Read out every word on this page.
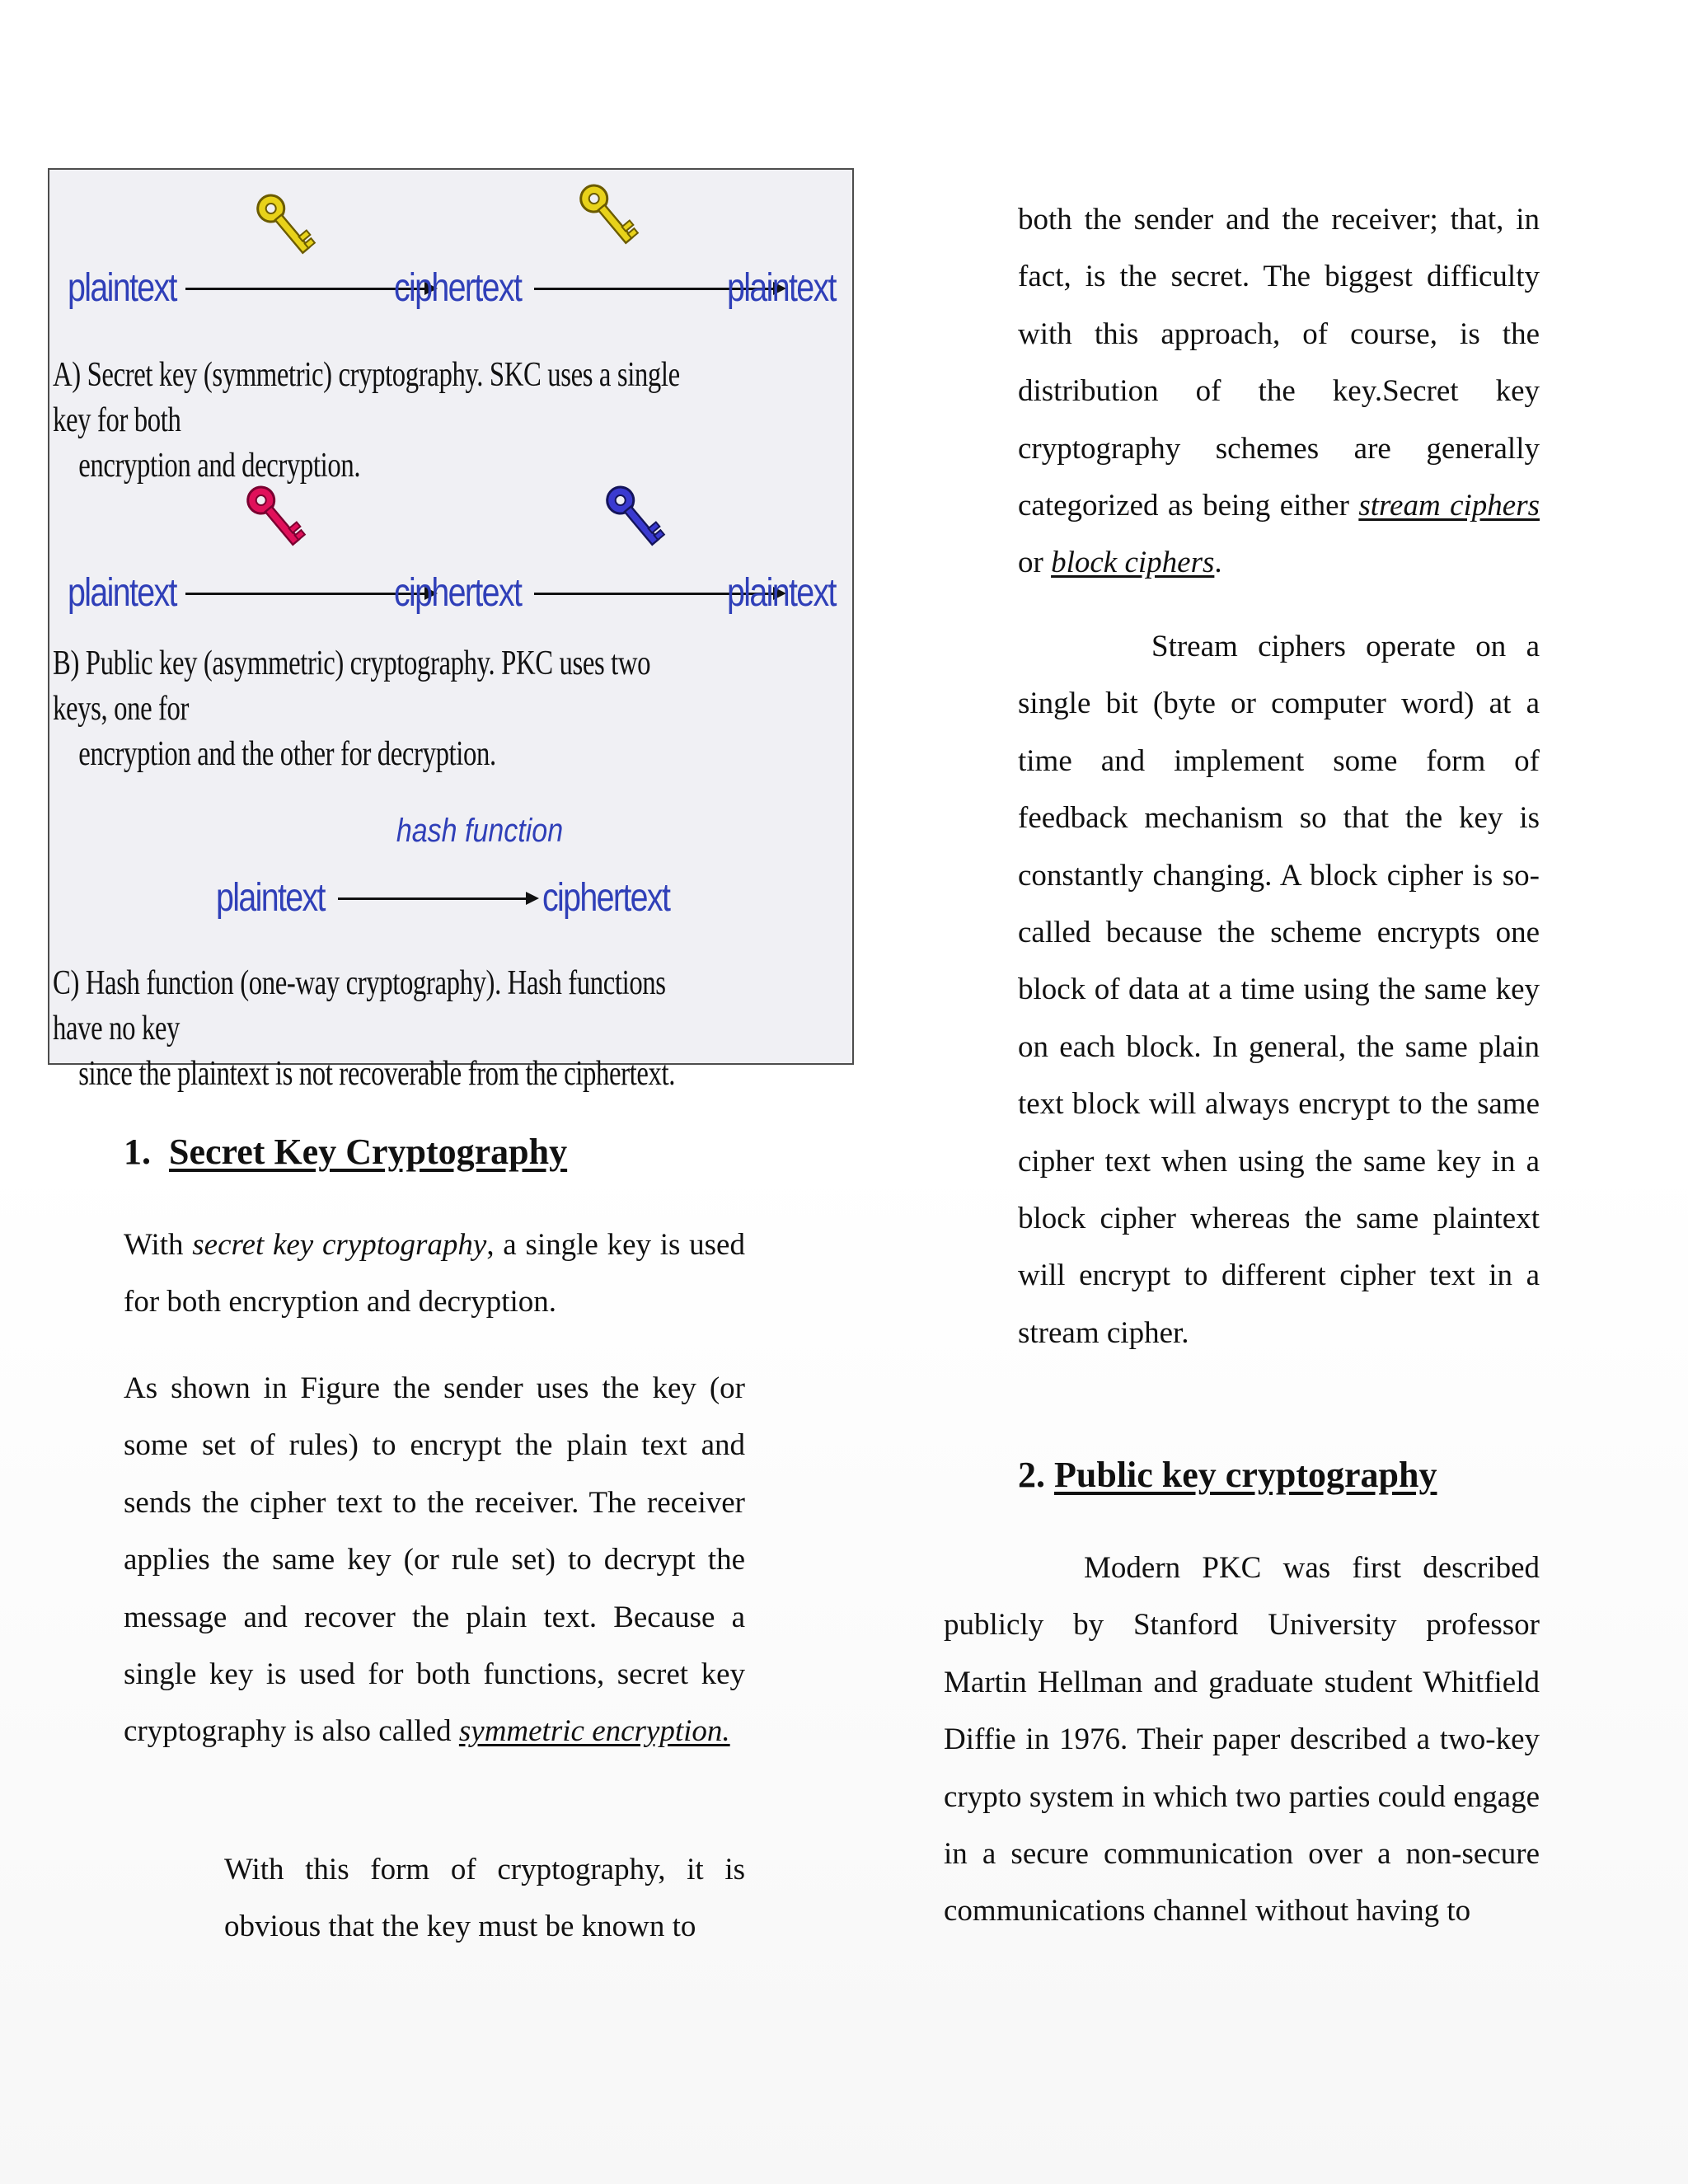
plaintext	ciphertext	plaintext
A) Secret key (symmetric) cryptography. SKC uses a single key for both
encryption and decryption.
plaintext	ciphertext	plaintext
B) Public key (asymmetric) cryptography. PKC uses two keys, one for
encryption and the other for decryption.
hash function
plaintext	ciphertext
C) Hash function (one-way cryptography). Hash functions have no key
since the plaintext is not recoverable from the ciphertext.
1. Secret Key Cryptography

With secret key cryptography, a single key is used for both encryption and decryption.

As shown in Figure the sender uses the key (or some set of rules) to encrypt the plain text and sends the cipher text to the receiver. The receiver applies the same key (or rule set) to decrypt the message and recover the plain text. Because a single key is used for both functions, secret key cryptography is also called symmetric encryption.

With this form of cryptography, it is obvious that the key must be known to

both the sender and the receiver; that, in fact, is the secret. The biggest difficulty with this approach, of course, is the distribution of the key.Secret key cryptography schemes are generally categorized as being either stream ciphers or block ciphers.

Stream ciphers operate on a single bit (byte or computer word) at a time and implement some form of feedback mechanism so that the key is constantly changing. A block cipher is so- called because the scheme encrypts one block of data at a time using the same key on each block. In general, the same plain text block will always encrypt to the same cipher text when using the same key in a block cipher whereas the same plaintext will encrypt to different cipher text in a stream cipher.

2. Public key cryptography

Modern PKC was first described publicly by Stanford University professor Martin Hellman and graduate student Whitfield Diffie in 1976. Their paper described a two-key crypto system in which two parties could engage in a secure communication over a non-secure communications channel without having to
